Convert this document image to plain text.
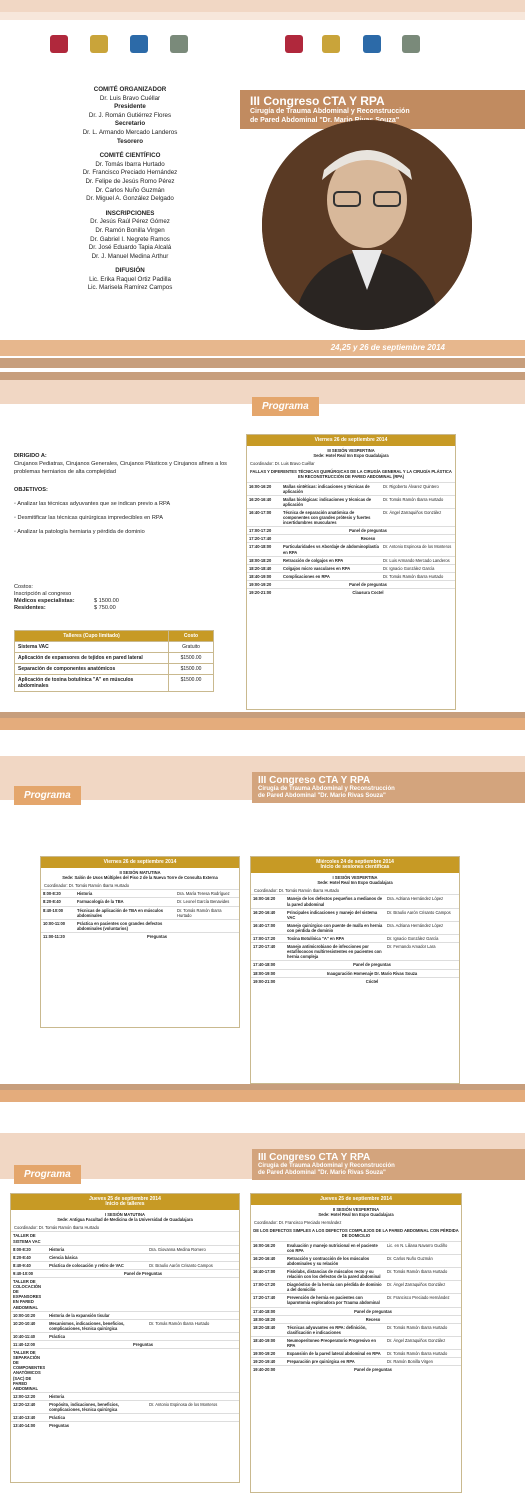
COMITÉ ORGANIZADOR
Dr. Luis Bravo Cuéllar
Presidente
Dr. J. Román Gutiérrez Flores
Secretario
Dr. L. Armando Mercado Landeros
Tesorero
COMITÉ CIENTÍFICO
Dr. Tomás Ibarra Hurtado
Dr. Francisco Preciado Hernández
Dr. Felipe de Jesús Romo Pérez
Dr. Carlos Nuño Guzmán
Dr. Miguel A. González Delgado
INSCRIPCIONES
Dr. Jesús Raúl Pérez Gómez
Dr. Ramón Bonilla Virgen
Dr. Gabriel I. Negrete Ramos
Dr. José Eduardo Tapia Alcalá
Dr. J. Manuel Medina Arthur
DIFUSIÓN
Lic. Erika Raquel Ortiz Padilla
Lic. Marisela Ramírez Campos
III Congreso CTA Y RPA
Cirugía de Trauma Abdominal y Reconstrucción
de Pared Abdominal "Dr. Mario Rivas Souza"
24,25 y 26 de septiembre 2014
Programa

DIRIGIDO A:
Cirujanos Pediatras, Cirujanos Generales, Cirujanos Plásticos y Cirujanos afines a los problemas herniarios de alta complejidad

OBJETIVOS:

◦ Analizar las técnicas adyuvantes que se indican previo a RPA

◦ Desmitificar las técnicas quirúrgicas impredecibles en RPA

◦ Analizar la patología herniaria y pérdida de dominio

Costos:
Inscripción al congreso
Médicos especialistas:	$ 1500.00
Residentes:	$ 750.00
Talleres (Cupo limitado)	Costo
Sistema VAC	Gratuito
Aplicación de expansores de tejidos en pared lateral	$1500.00
Separación de componentes anatómicos	$1500.00
Aplicación de toxina botulínica "A" en músculos abdominales	$1500.00
Viernes 26 de septiembre 2014
III SESIÓN VESPERTINA
Sede: Hotel Real Inn Expo Guadalajara
Coordinador: Dr. Luis Bravo Cuéllar
FALLAS Y DIFERENTES TÉCNICAS QUIRÚRGICAS DE LA CIRUGÍA GENERAL Y LA CIRUGÍA PLÁSTICA EN RECONSTRUCCIÓN DE PARED ABDOMINAL (RPA)
16:00-16:20	Mallas sintéticas: indicaciones y técnicas de aplicación	Dr. Rigoberto Álvarez Quintero
16:20-16:40	Mallas biológicas: indicaciones y técnicas de aplicación	Dr. Tomás Ramón Ibarra Hurtado
16:40-17:00	Técnica de separación anatómica de componentes con grandes prótesis y fuertes incertidumbres musculares	Dr. Ángel Zarraquiños González
17:00-17:20	Panel de preguntas	
17:20-17:40	Receso	
17:40-18:00	Particularidades vs Abordaje de abdominoplastía en RPA	Dr. Antonio Espinosa de los Monteros
18:00-18:20	Retracción de colgajos en RPA	Dr. Luis Armando Mercado Landeros
18:20-18:40	Colgajos micro vasculares en RPA	Dr. Ignacio González García
18:40-19:00	Complicaciones en RPA	Dr. Tomás Ramón Ibarra Hurtado
19:00-19:20	Panel de preguntas	
19:20-21:00	Clausura Coctel	
III Congreso CTA Y RPA
Cirugía de Trauma Abdominal y Reconstrucción
de Pared Abdominal "Dr. Mario Rivas Souza"
Programa
Viernes 26 de septiembre 2014
II SESIÓN MATUTINA
Sede: Salón de Usos Múltiples del Piso 2 de la Nueva Torre de Consulta Externa
Coordinador: Dr. Tomás Ramón Ibarra Hurtado
8:00-8:20	Historia	Dra. María Teresa Rodríguez
8:20-8:40	Farmacología de la TBA	Dr. Leonel García Benavides
8:40-10:00	Técnicas de aplicación de TBA en músculos abdominales	Dr. Tomás Ramón Ibarra Hurtado
10:00-11:00	Práctica en pacientes con grandes defectos abdominales (voluntarios)	
11:00-11:20	Preguntas	
Miércoles 24 de septiembre 2014
Inicio de sesiones científicas
I SESIÓN VESPERTINA
Sede: Hotel Real Inn Expo Guadalajara
Coordinador: Dr. Tomás Ramón Ibarra Hurtado
16:00-16:20	Manejo de los defectos pequeños a medianos de la pared abdominal	Dra. Adriana Hernández López
16:20-16:40	Principales indicaciones y manejo del sistema VAC	Dr. Braulio Aarón Crisanto Campos
16:40-17:00	Manejo quirúrgico con puente de malla en hernia con pérdida de dominio	Dra. Adriana Hernández López
17:00-17:20	Toxina Botulínica "A" en RPA	Dr. Ignacio González García
17:20-17:40	Manejo antimicrobiano de infecciones por estafilococos multirresistentes en pacientes con hernia compleja	Dr. Fernando Amador Lara
17:40-18:00	Panel de preguntas	
18:00-19:00	Inauguración Homenaje Dr. Mario Rivas Souza	
19:00-21:00	Cóctel	
III Congreso CTA Y RPA
Cirugía de Trauma Abdominal y Reconstrucción
de Pared Abdominal "Dr. Mario Rivas Souza"
Programa
Jueves 25 de septiembre 2014
Inicio de talleres
I SESIÓN MATUTINA
Sede: Antigua Facultad de Medicina de la Universidad de Guadalajara
Coordinador: Dr. Tomás Ramón Ibarra Hurtado
TALLER DE SISTEMA VAC		
8:00-8:20	Historia	Dra. Giovanna Medina Romero
8:20-8:40	Ciencia básica	
8:40-9:40	Práctica de colocación y retiro de VAC	Dr. Braulio Aarón Crisanto Campos
9:40-10:00	Panel de Preguntas	
TALLER DE COLOCACIÓN DE EXPANSORES EN PARED ABDOMINAL		
10:00-10:20	Historia de la expansión tisular	
10:20-10:40	Mecanismos, indicaciones, beneficios, complicaciones, técnica quirúrgica	Dr. Tomás Ramón Ibarra Hurtado
10:40-11:40	Práctica	
11:40-12:00	Preguntas	
TALLER DE SEPARACIÓN DE COMPONENTES ANATÓMICOS (SAC) DE PARED ABDOMINAL		
12:00-12:20	Historia	
12:20-12:40	Propósito, indicaciones, beneficios, complicaciones, técnica quirúrgica	Dr. Antonio Espinosa de los Monteros
12:40-13:40	Práctica	
13:40-14:00	Preguntas	
Jueves 25 de septiembre 2014
II SESIÓN VESPERTINA
Sede: Hotel Real Inn Expo Guadalajara
Coordinador: Dr. Francisco Preciado Hernández
DE LOS DEFECTOS SIMPLES A LOS DEFECTOS COMPLEJOS DE LA PARED ABDOMINAL CON PÉRDIDA DE DOMICILIO
16:00-16:20	Evaluación y manejo nutricional en el paciente con RPA	Lic. en N. Liliana Navarro Gudiño
16:20-16:40	Retracción y contracción de los músculos abdominales y su relación	Dr. Carlos Nuño Guzmán
16:40-17:00	Fisiolabs, distancias de músculos recto y su relación con los defectos de la pared abdominal	Dr. Tomás Ramón Ibarra Hurtado
17:00-17:20	Diagnóstico de la hernia con pérdida de dominio a del domicilio	Dr. Ángel Zarraquiños González
17:20-17:40	Prevención de hernia en pacientes con laparotomía exploradora por Trauma abdominal	Dr. Francisco Preciado Hernández
17:40-18:00	Panel de preguntas	
18:00-18:20	Receso	
18:20-18:40	Técnicas adyuvantes en RPA: definición, clasificación e indicaciones	Dr. Tomás Ramón Ibarra Hurtado
18:40-19:00	Neumoperitoneo Preoperatorio Progresivo en RPA	Dr. Ángel Zarraquiños González
19:00-19:20	Expansión de la pared lateral abdominal en RPA	Dr. Tomás Ramón Ibarra Hurtado
19:20-19:40	Preparación pre quirúrgica en RPA	Dr. Ramón Bonilla Virgen
19:40-20:00	Panel de preguntas	
